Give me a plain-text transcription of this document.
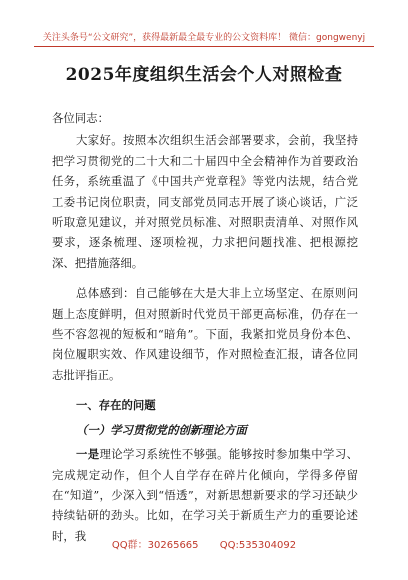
关注头条号“公文研究”，获得最新最全最专业的公文资料库！ 微信：gongwenyj
2025年度组织生活会个人对照检查

各位同志：

大家好。按照本次组织生活会部署要求，会前，我坚持把学习贯彻党的二十大和二十届四中全会精神作为首要政治任务，系统重温了《中国共产党章程》等党内法规，结合党工委书记岗位职责，同支部党员同志开展了谈心谈话，广泛听取意见建议，并对照党员标准、对照职责清单、对照作风要求，逐条梳理、逐项检视，力求把问题找准、把根源挖深、把措施落细。

总体感到：自己能够在大是大非上立场坚定、在原则问题上态度鲜明，但对照新时代党员干部更高标准，仍存在一些不容忽视的短板和“暗角”。下面，我紧扣党员身份本色、岗位履职实效、作风建设细节，作对照检查汇报，请各位同志批评指正。

一、存在的问题

（一）学习贯彻党的创新理论方面

一是理论学习系统性不够强。能够按时参加集中学习、完成规定动作，但个人自学存在碎片化倾向，学得多停留在“知道”，少深入到“悟透”，对新思想新要求的学习还缺少持续钻研的劲头。比如，在学习关于新质生产力的重要论述时，我

QQ群：30265665 QQ:535304092
